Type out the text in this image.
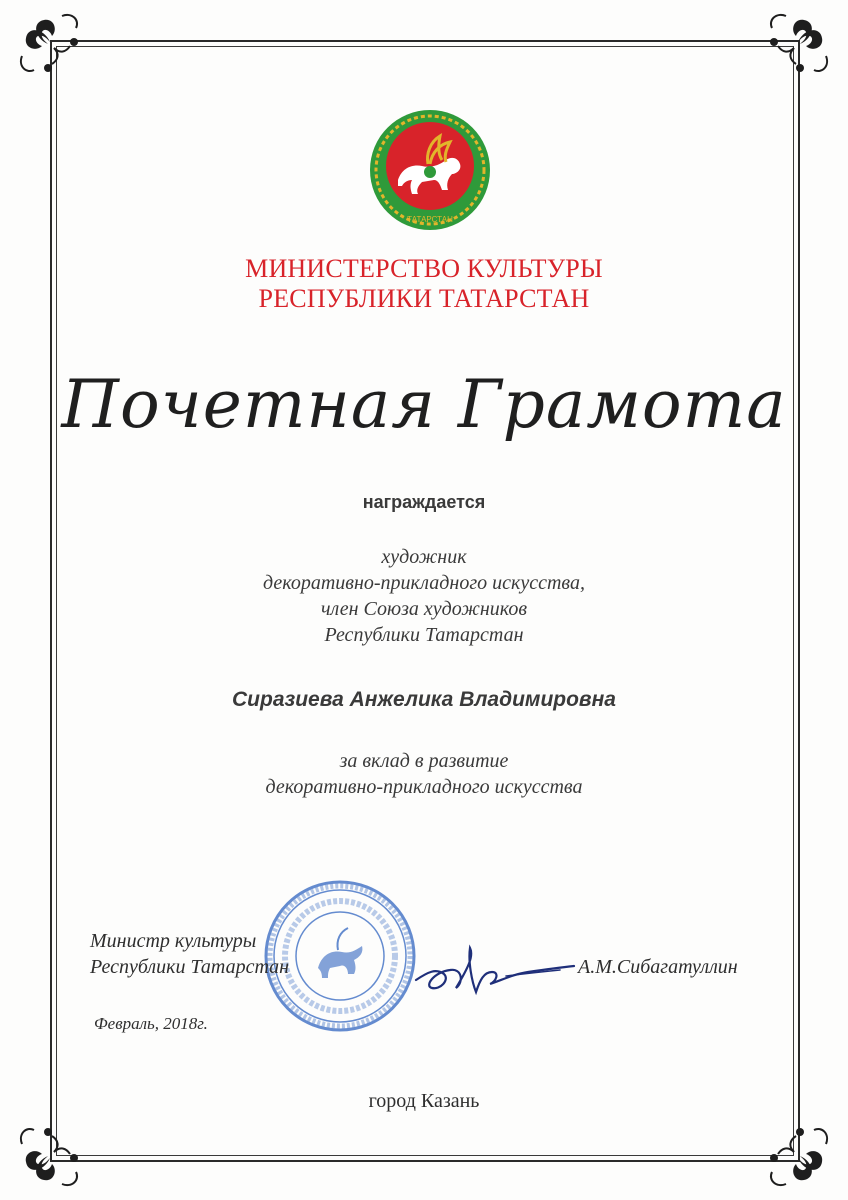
ТАТАРСТАН
МИНИСТЕРСТВО КУЛЬТУРЫ
РЕСПУБЛИКИ ТАТАРСТАН
Почетная Грамота
награждается
художник
декоративно-прикладного искусства,
член Союза художников
Республики Татарстан
Сиразиева Анжелика Владимировна
за вклад в развитие
декоративно-прикладного искусства
Министр культуры
Республики Татарстан	А.М.Сибагатуллин
Февраль, 2018г.
город Казань
